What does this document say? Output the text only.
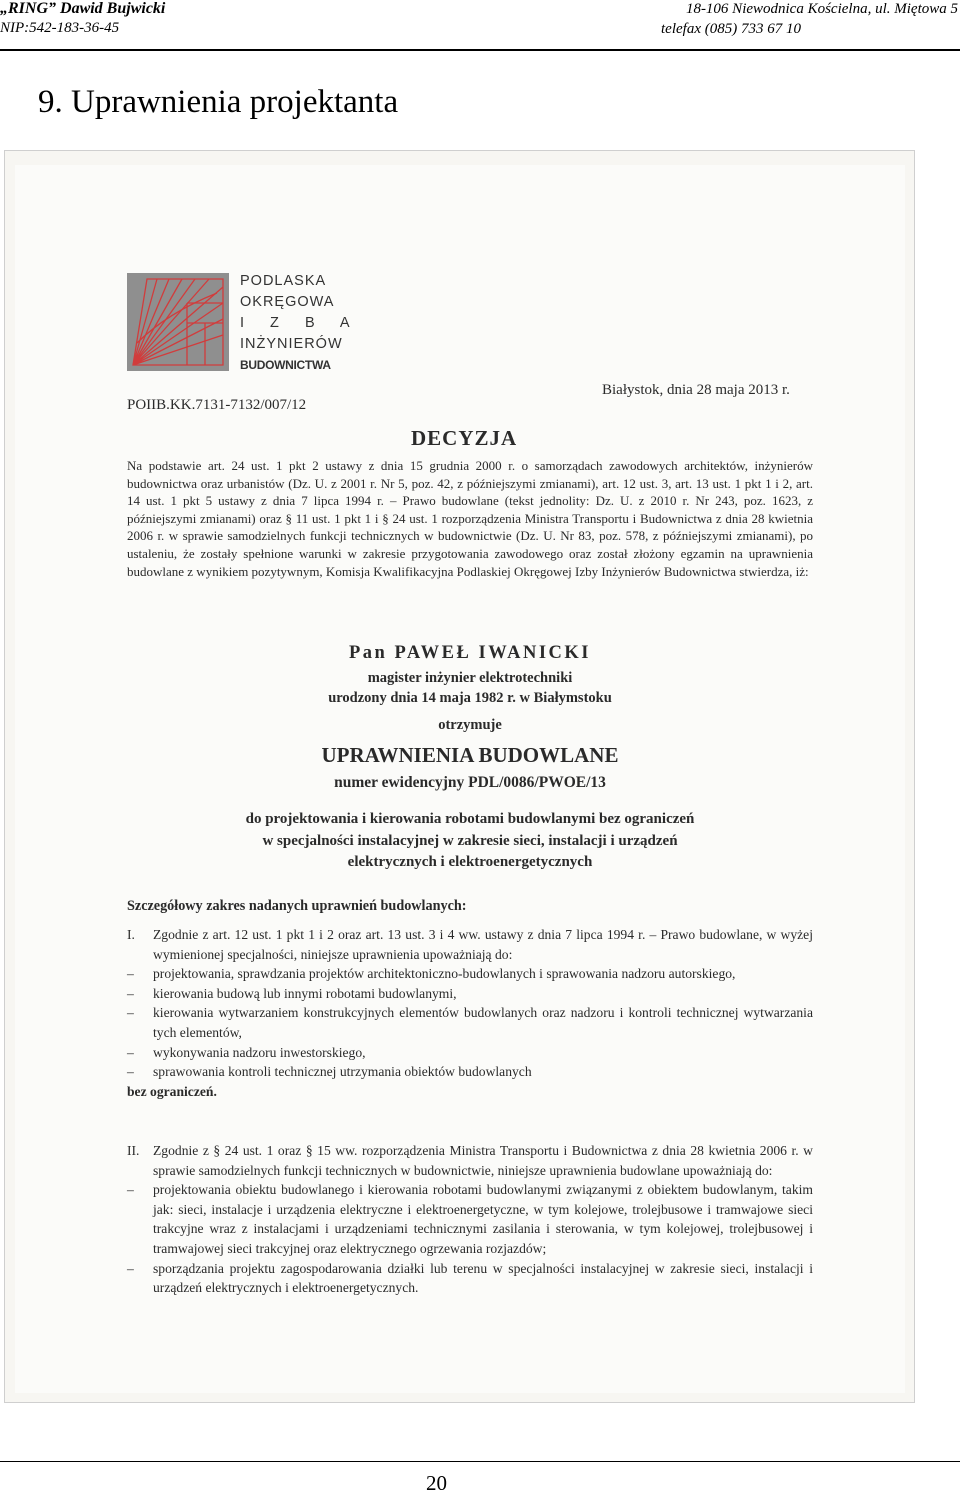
„RING” Dawid Bujwicki
NIP:542-183-36-45
18-106 Niewodnica Kościelna, ul. Miętowa 5
telefax (085) 733 67 10
9. Uprawnienia projektanta
PODLASKA
OKRĘGOWA
I Z B A
INŻYNIERÓW
BUDOWNICTWA
POIIB.KK.7131-7132/007/12
Białystok, dnia 28 maja 2013 r.
DECYZJA
Na podstawie art. 24 ust. 1 pkt 2 ustawy z dnia 15 grudnia 2000 r. o samorządach zawodowych architektów, inżynierów budownictwa oraz urbanistów (Dz. U. z 2001 r. Nr 5, poz. 42, z późniejszymi zmianami), art. 12 ust. 3, art. 13 ust. 1 pkt 1 i 2, art. 14 ust. 1 pkt 5 ustawy z dnia 7 lipca 1994 r. – Prawo budowlane (tekst jednolity: Dz. U. z 2010 r. Nr 243, poz. 1623, z późniejszymi zmianami) oraz § 11 ust. 1 pkt 1 i § 24 ust. 1 rozporządzenia Ministra Transportu i Budownictwa z dnia 28 kwietnia 2006 r. w sprawie samodzielnych funkcji technicznych w budownictwie (Dz. U. Nr 83, poz. 578, z późniejszymi zmianami), po ustaleniu, że zostały spełnione warunki w zakresie przygotowania zawodowego oraz został złożony egzamin na uprawnienia budowlane z wynikiem pozytywnym, Komisja Kwalifikacyjna Podlaskiej Okręgowej Izby Inżynierów Budownictwa stwierdza, iż:
Pan PAWEŁ IWANICKI
magister inżynier elektrotechniki
urodzony dnia 14 maja 1982 r. w Białymstoku
otrzymuje
UPRAWNIENIA BUDOWLANE
numer ewidencyjny PDL/0086/PWOE/13
do projektowania i kierowania robotami budowlanymi bez ograniczeń
w specjalności instalacyjnej w zakresie sieci, instalacji i urządzeń
elektrycznych i elektroenergetycznych
Szczegółowy zakres nadanych uprawnień budowlanych:
I. Zgodnie z art. 12 ust. 1 pkt 1 i 2 oraz art. 13 ust. 3 i 4 ww. ustawy z dnia 7 lipca 1994 r. – Prawo budowlane, w wyżej wymienionej specjalności, niniejsze uprawnienia upoważniają do:
– projektowania, sprawdzania projektów architektoniczno-budowlanych i sprawowania nadzoru autorskiego,
– kierowania budową lub innymi robotami budowlanymi,
– kierowania wytwarzaniem konstrukcyjnych elementów budowlanych oraz nadzoru i kontroli technicznej wytwarzania tych elementów,
– wykonywania nadzoru inwestorskiego,
– sprawowania kontroli technicznej utrzymania obiektów budowlanych
bez ograniczeń.
II. Zgodnie z § 24 ust. 1 oraz § 15 ww. rozporządzenia Ministra Transportu i Budownictwa z dnia 28 kwietnia 2006 r. w sprawie samodzielnych funkcji technicznych w budownictwie, niniejsze uprawnienia budowlane upoważniają do:
– projektowania obiektu budowlanego i kierowania robotami budowlanymi związanymi z obiektem budowlanym, takim jak: sieci, instalacje i urządzenia elektryczne i elektroenergetyczne, w tym kolejowe, trolejbusowe i tramwajowe sieci trakcyjne wraz z instalacjami i urządzeniami technicznymi zasilania i sterowania, w tym kolejowej, trolejbusowej i tramwajowej sieci trakcyjnej oraz elektrycznego ogrzewania rozjazdów;
– sporządzania projektu zagospodarowania działki lub terenu w specjalności instalacyjnej w zakresie sieci, instalacji i urządzeń elektrycznych i elektroenergetycznych.
20
